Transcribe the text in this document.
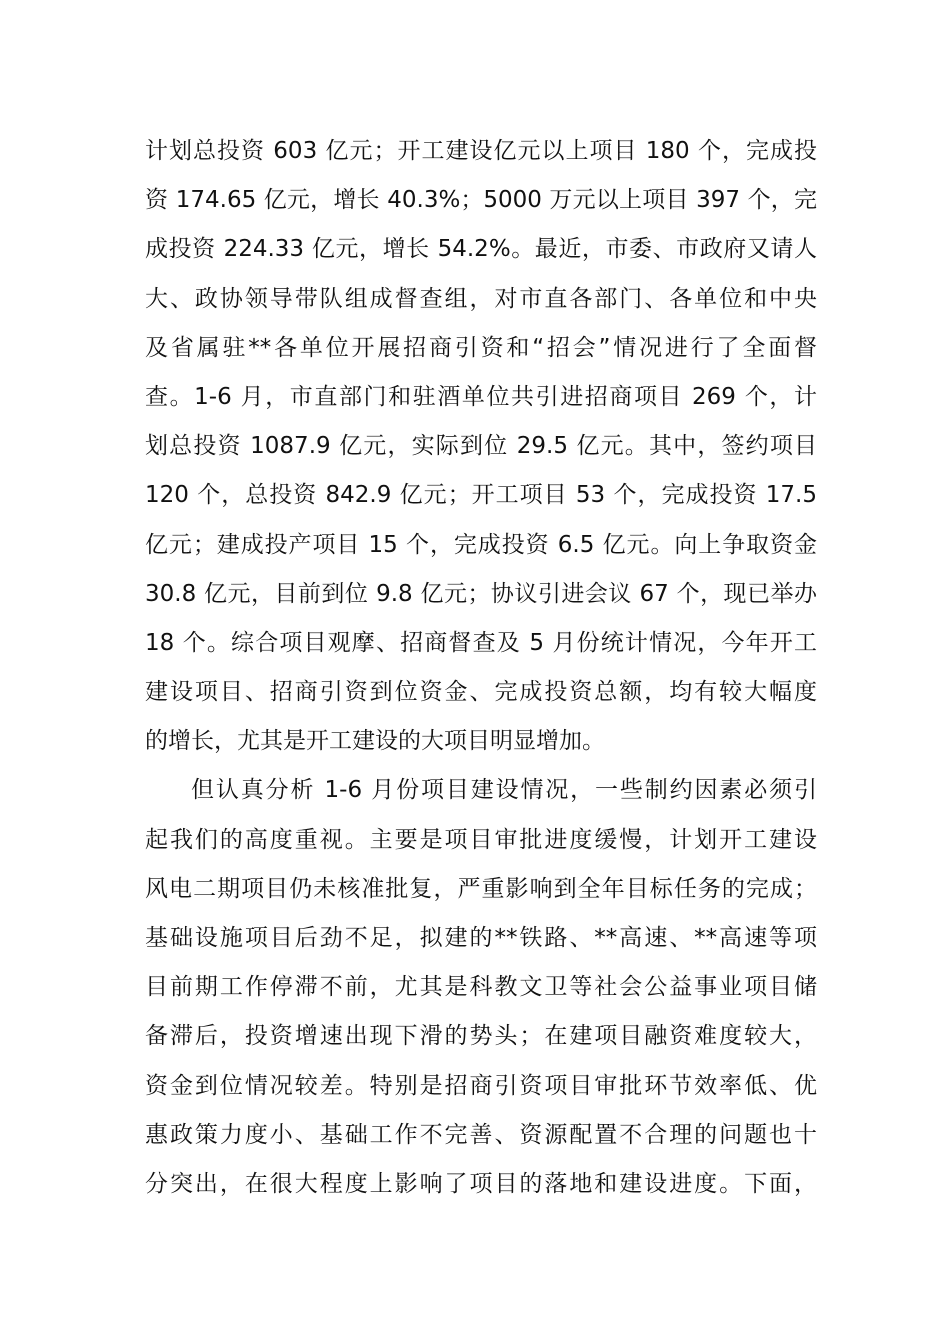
计划总投资 603 亿元；开工建设亿元以上项目 180 个，完成投
资 174.65 亿元，增长 40.3%；5000 万元以上项目 397 个，完
成投资 224.33 亿元，增长 54.2%。最近，市委、市政府又请人
大、政协领导带队组成督查组，对市直各部门、各单位和中央
及省属驻**各单位开展招商引资和“招会”情况进行了全面督
查。1-6 月，市直部门和驻酒单位共引进招商项目 269 个，计
划总投资 1087.9 亿元，实际到位 29.5 亿元。其中，签约项目
120 个，总投资 842.9 亿元；开工项目 53 个，完成投资 17.5
亿元；建成投产项目 15 个，完成投资 6.5 亿元。向上争取资金
30.8 亿元，目前到位 9.8 亿元；协议引进会议 67 个，现已举办
18 个。综合项目观摩、招商督查及 5 月份统计情况，今年开工
建设项目、招商引资到位资金、完成投资总额，均有较大幅度
的增长，尤其是开工建设的大项目明显增加。
但认真分析 1-6 月份项目建设情况，一些制约因素必须引
起我们的高度重视。主要是项目审批进度缓慢，计划开工建设
风电二期项目仍未核准批复，严重影响到全年目标任务的完成；
基础设施项目后劲不足，拟建的**铁路、**高速、**高速等项
目前期工作停滞不前，尤其是科教文卫等社会公益事业项目储
备滞后，投资增速出现下滑的势头；在建项目融资难度较大，
资金到位情况较差。特别是招商引资项目审批环节效率低、优
惠政策力度小、基础工作不完善、资源配置不合理的问题也十
分突出，在很大程度上影响了项目的落地和建设进度。下面，
